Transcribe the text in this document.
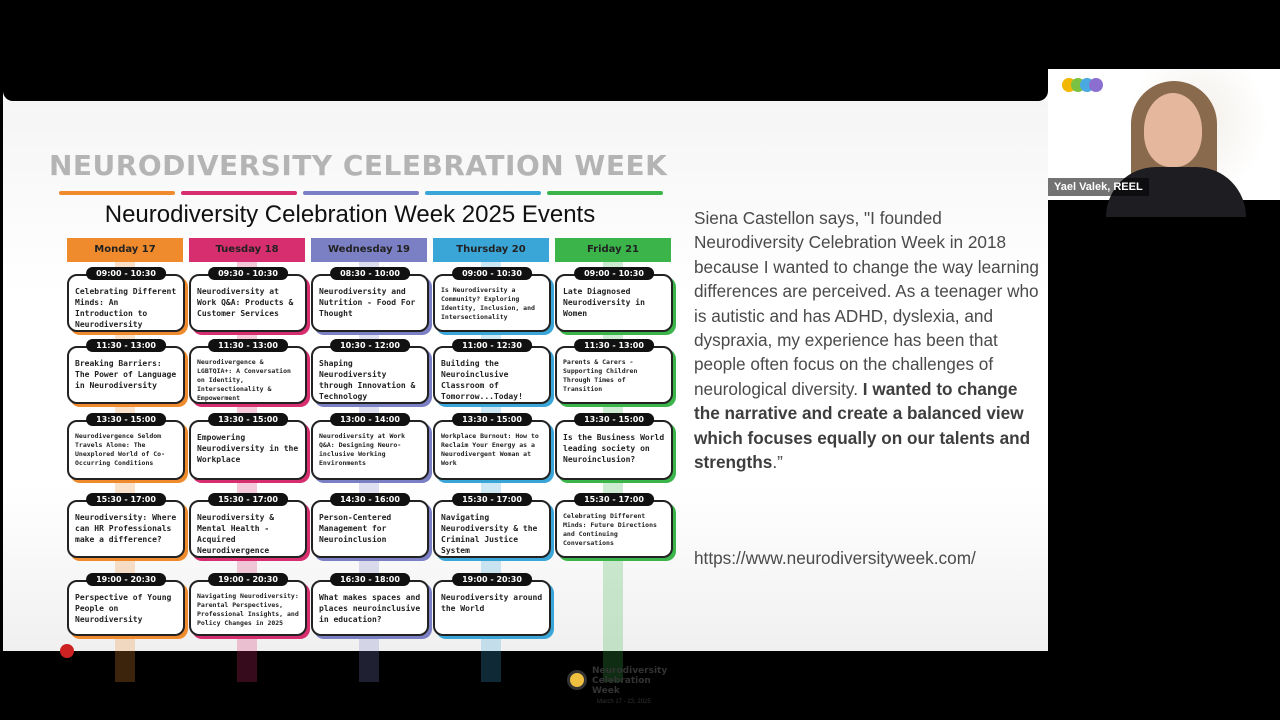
NEURODIVERSITY CELEBRATION WEEK
Neurodiversity Celebration Week 2025 Events
Monday 17
09:00 - 10:30
Celebrating Different Minds: An Introduction to Neurodiversity
11:30 - 13:00
Breaking Barriers: The Power of Language in Neurodiversity
13:30 - 15:00
Neurodivergence Seldom Travels Alone: The Unexplored World of Co-Occurring Conditions
15:30 - 17:00
Neurodiversity: Where can HR Professionals make a difference?
19:00 - 20:30
Perspective of Young People on Neurodiversity
Tuesday 18
09:30 - 10:30
Neurodiversity at Work Q&A: Products & Customer Services
11:30 - 13:00
Neurodivergence & LGBTQIA+: A Conversation on Identity, Intersectionality & Empowerment
13:30 - 15:00
Empowering Neurodiversity in the Workplace
15:30 - 17:00
Neurodiversity & Mental Health - Acquired Neurodivergence
19:00 - 20:30
Navigating Neurodiversity: Parental Perspectives, Professional Insights, and Policy Changes in 2025
Wednesday 19
08:30 - 10:00
Neurodiversity and Nutrition - Food For Thought
10:30 - 12:00
Shaping Neurodiversity through Innovation & Technology
13:00 - 14:00
Neurodiversity at Work Q&A: Designing Neuro-inclusive Working Environments
14:30 - 16:00
Person-Centered Management for Neuroinclusion
16:30 - 18:00
What makes spaces and places neuroinclusive in education?
Thursday 20
09:00 - 10:30
Is Neurodiversity a Community? Exploring Identity, Inclusion, and Intersectionality
11:00 - 12:30
Building the Neuroinclusive Classroom of Tomorrow...Today!
13:30 - 15:00
Workplace Burnout: How to Reclaim Your Energy as a Neurodivergent Woman at Work
15:30 - 17:00
Navigating Neurodiversity & the Criminal Justice System
19:00 - 20:30
Neurodiversity around the World
Friday 21
09:00 - 10:30
Late Diagnosed Neurodiversity in Women
11:30 - 13:00
Parents & Carers - Supporting Children Through Times of Transition
13:30 - 15:00
Is the Business World leading society on Neuroinclusion?
15:30 - 17:00
Celebrating Different Minds: Future Directions and Continuing Conversations
Neurodiversity
Celebration
Week
March 17 - 23, 2025
Siena Castellon says, "I founded Neurodiversity Celebration Week in 2018 because I wanted to change the way learning differences are perceived. As a teenager who is autistic and has ADHD, dyslexia, and dyspraxia, my experience has been that people often focus on the challenges of neurological diversity. I wanted to change the narrative and create a balanced view which focuses equally on our talents and strengths.”
https://www.neurodiversityweek.com/
Yael Valek, REEL
